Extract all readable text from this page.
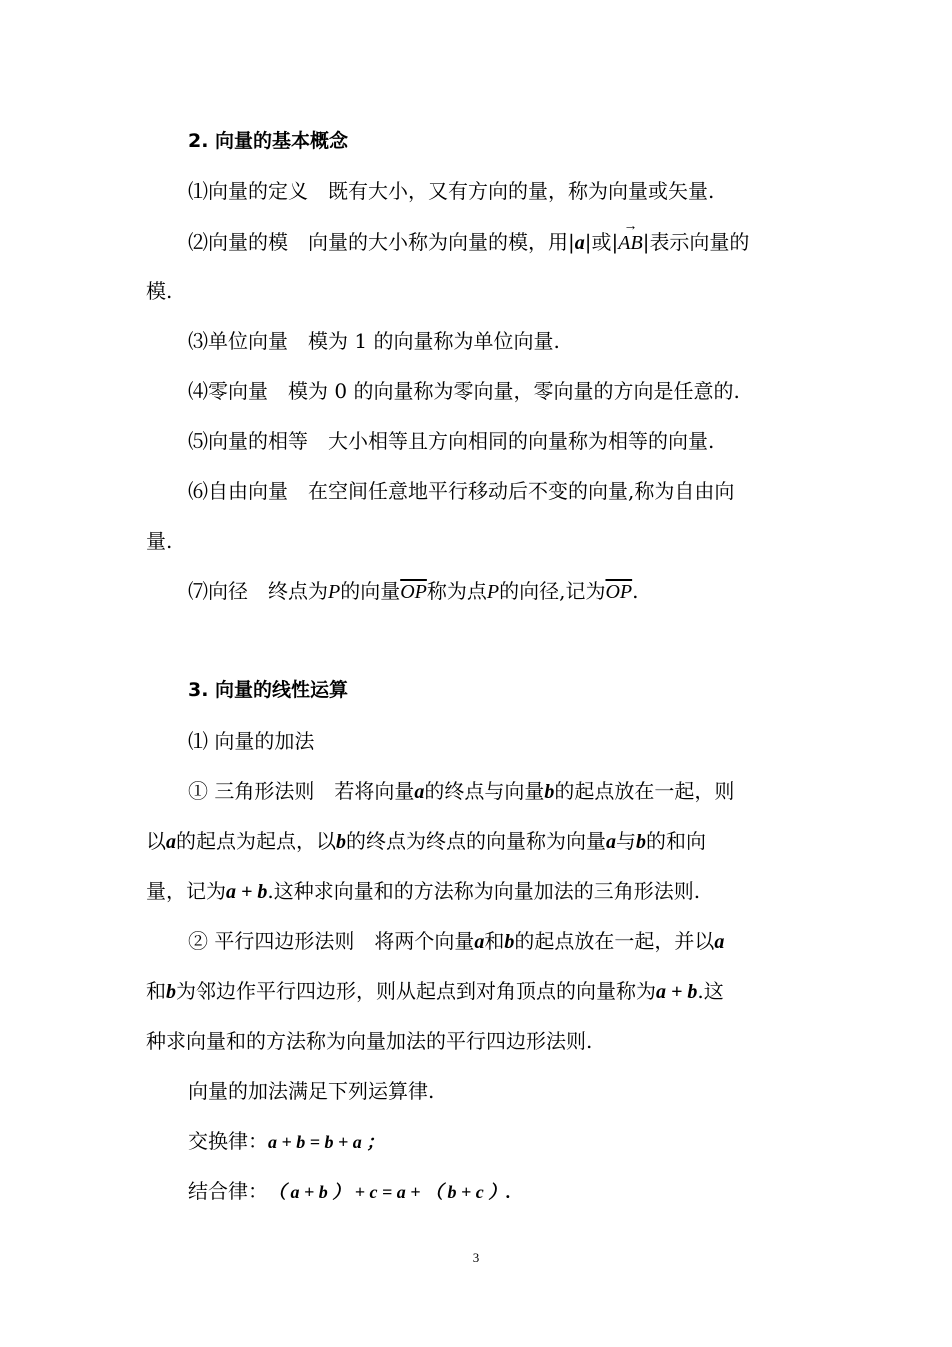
2. 向量的基本概念
⑴向量的定义　既有大小，又有方向的量，称为向量或矢量.
⑵向量的模　向量的大小称为向量的模，用|a|或|→ AB|表示向量的
模.
⑶单位向量　模为 1 的向量称为单位向量.
⑷零向量　模为 0 的向量称为零向量，零向量的方向是任意的.
⑸向量的相等　大小相等且方向相同的向量称为相等的向量.
⑹自由向量　在空间任意地平行移动后不变的向量,称为自由向
量.
⑺向径　终点为P的向量$\overline{OP}$称为点P的向径,记为$\overline{OP}$.
3. 向量的线性运算
⑴ 向量的加法
① 三角形法则　若将向量a的终点与向量b的起点放在一起，则
以a的起点为起点，以b的终点为终点的向量称为向量a与b的和向
量，记为a + b.这种求向量和的方法称为向量加法的三角形法则.
② 平行四边形法则　将两个向量a和b的起点放在一起，并以a
和b为邻边作平行四边形，则从起点到对角顶点的向量称为a + b.这
种求向量和的方法称为向量加法的平行四边形法则.
向量的加法满足下列运算律.
交换律：a + b = b + a ；
结合律：（ a + b ） + c = a + （ b + c ）.
3
